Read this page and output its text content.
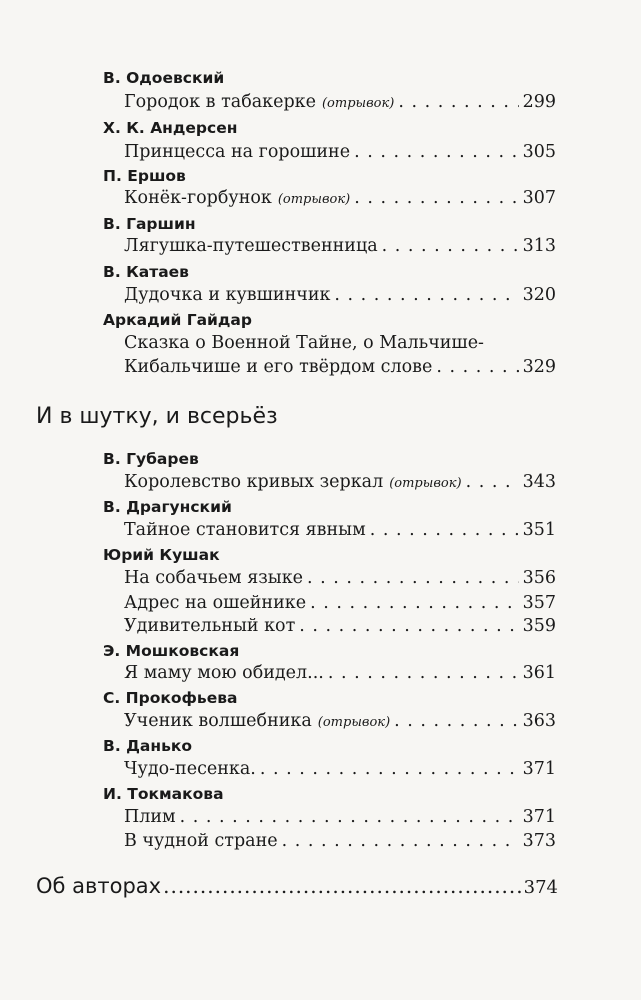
В. Одоевский
Городок в табакерке (отрывок) . . .	299
Х. К. Андерсен
Принцесса на горошине . . .	305
П. Ершов
Конёк-горбунок (отрывок) . . .	307
В. Гаршин
Лягушка-путешественница . . .	313
В. Катаев
Дудочка и кувшинчик . . .	320
Аркадий Гайдар
Сказка о Военной Тайне, о Мальчише-
Кибальчише и его твёрдом слове . . .	329
И в шутку, и всерьёз
В. Губарев
Королевство кривых зеркал (отрывок) . . .	343
В. Драгунский
Тайное становится явным . . .	351
Юрий Кушак
На собачьем языке . . .	356
Адрес на ошейнике . . .	357
Удивительный кот . . .	359
Э. Мошковская
Я маму мою обидел... . . .	361
С. Прокофьева
Ученик волшебника (отрывок) . . .	363
В. Данько
Чудо-песенка. . . .	371
И. Токмакова
Плим . . .	371
В чудной стране . . .	373
Об авторах .....	374
